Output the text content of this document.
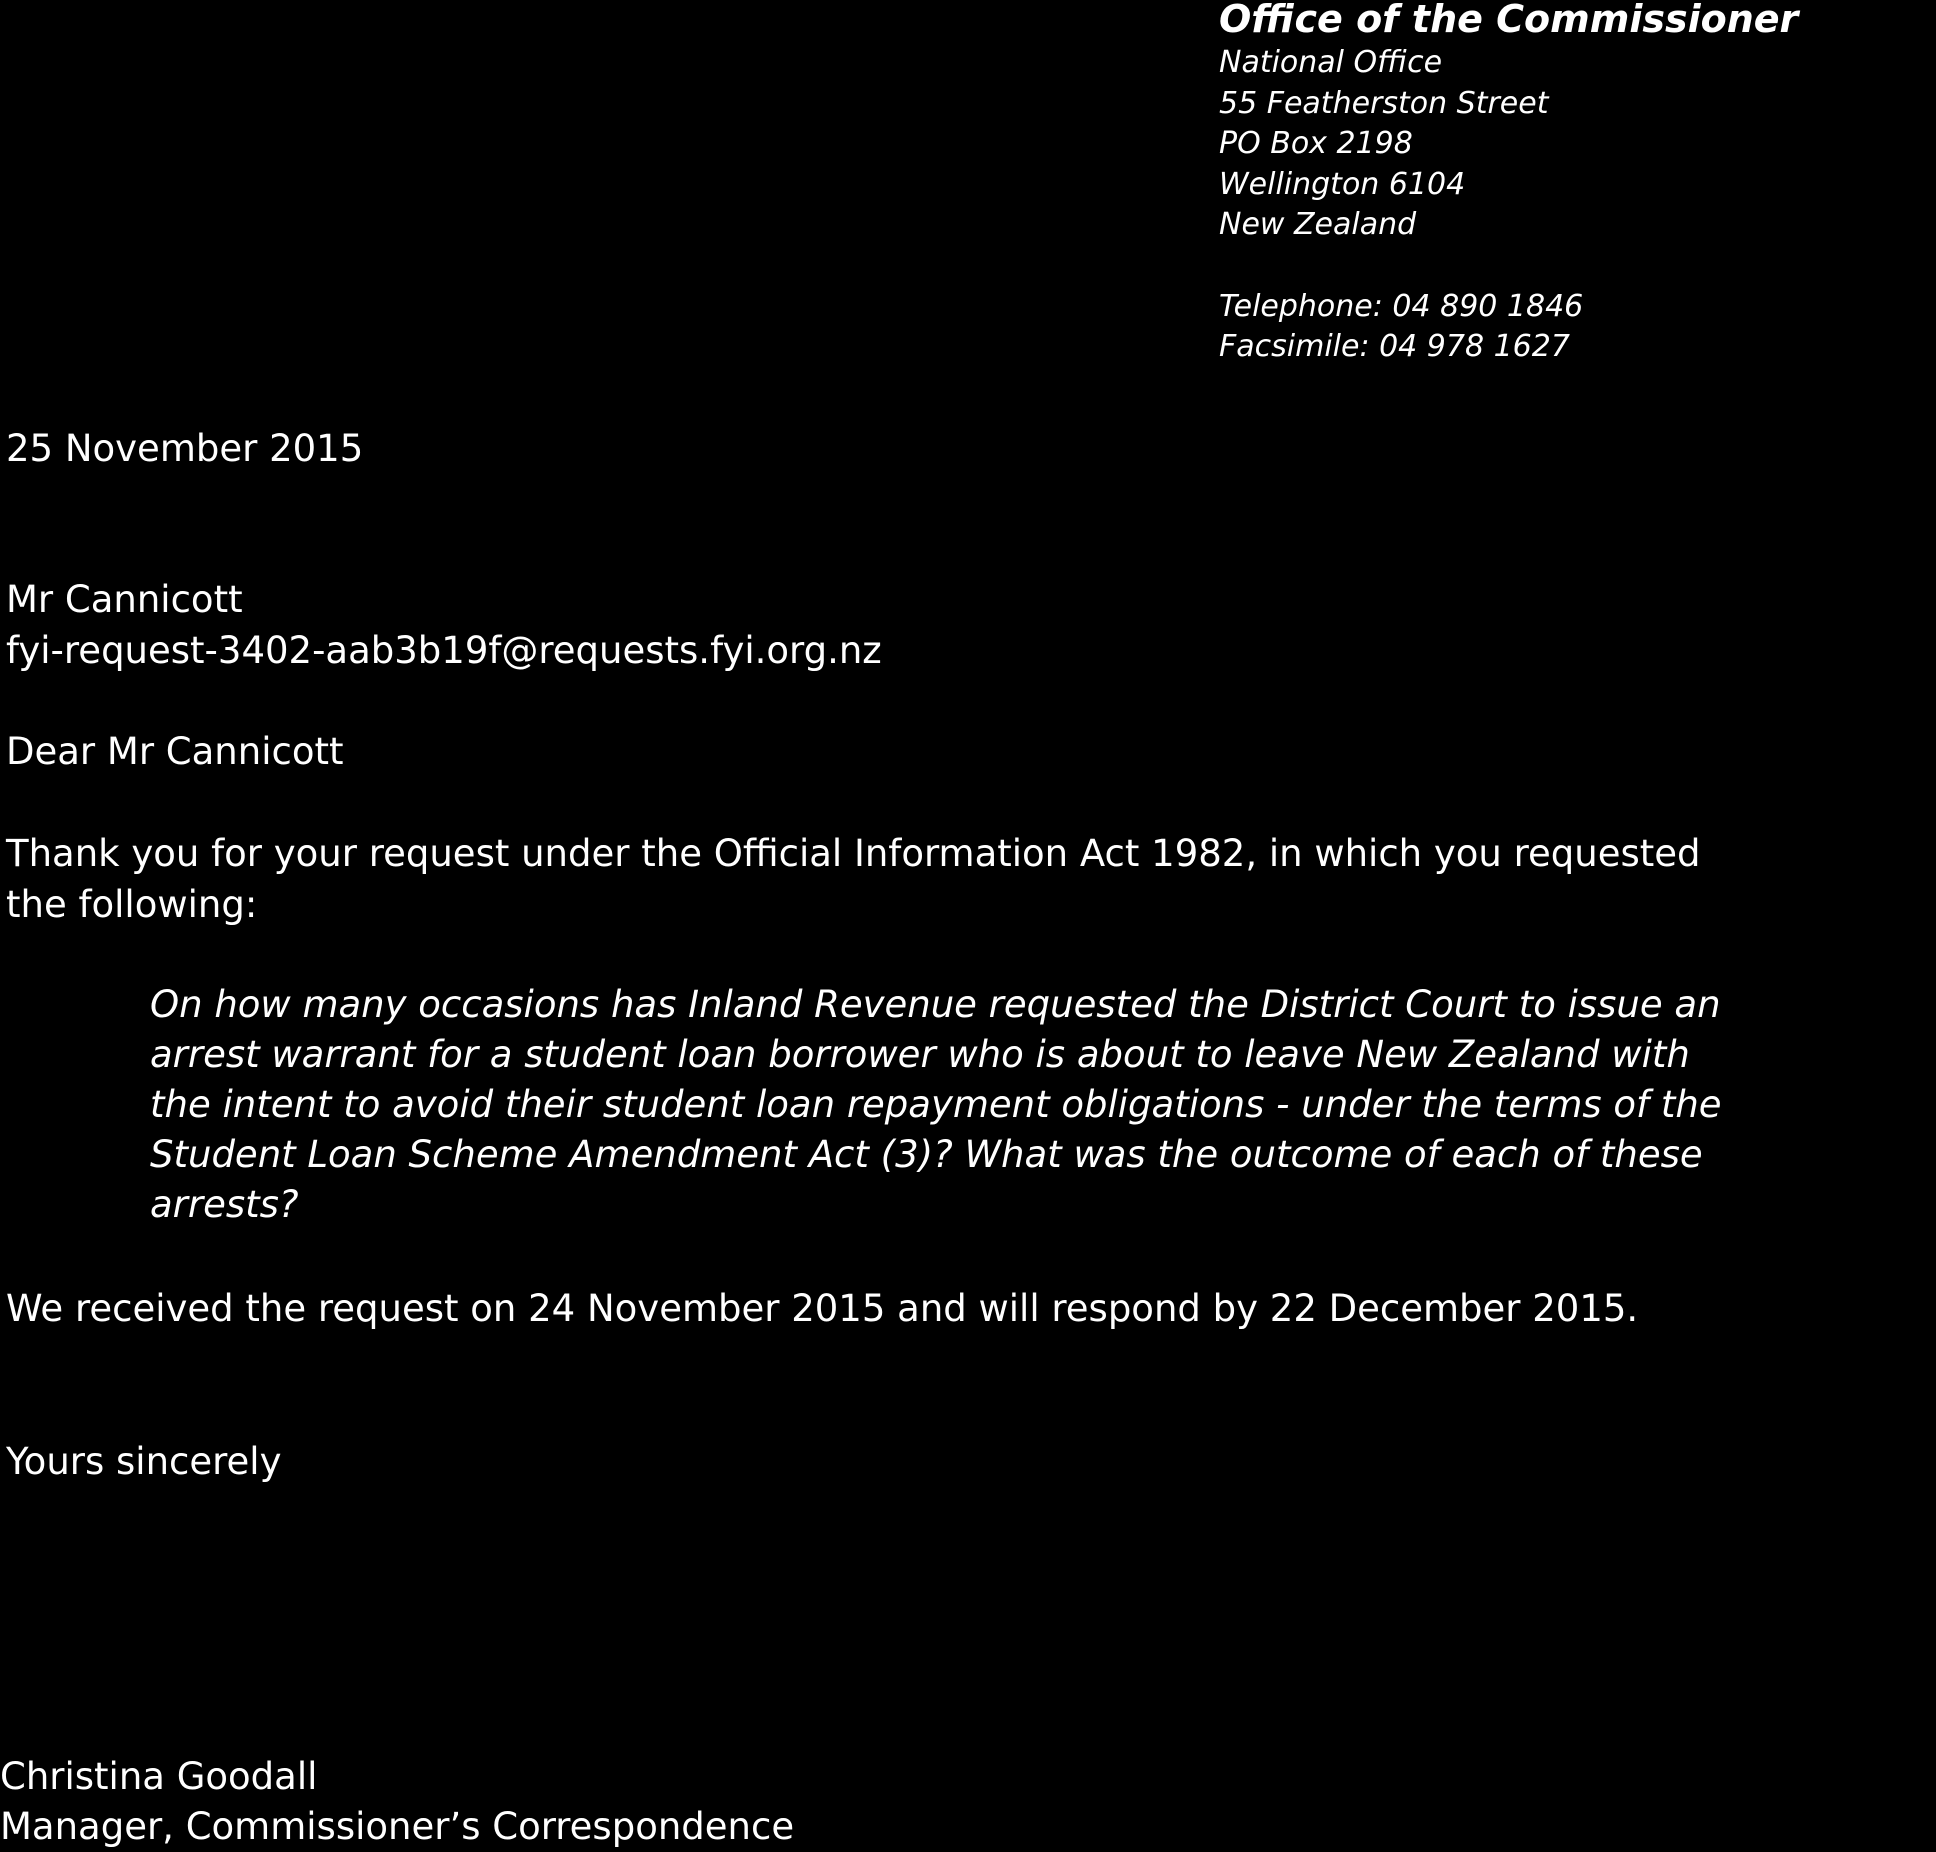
Office of the Commissioner
National Office
55 Featherston Street
PO Box 2198
Wellington 6104
New Zealand
Telephone: 04 890 1846
Facsimile: 04 978 1627
25 November 2015
Mr Cannicott
fyi-request-3402-aab3b19f@requests.fyi.org.nz
Dear Mr Cannicott
Thank you for your request under the Official Information Act 1982, in which you requested
the following:
On how many occasions has Inland Revenue requested the District Court to issue an
arrest warrant for a student loan borrower who is about to leave New Zealand with
the intent to avoid their student loan repayment obligations - under the terms of the
Student Loan Scheme Amendment Act (3)? What was the outcome of each of these
arrests?
We received the request on 24 November 2015 and will respond by 22 December 2015.
Yours sincerely
Christina Goodall
Manager, Commissioner’s Correspondence
